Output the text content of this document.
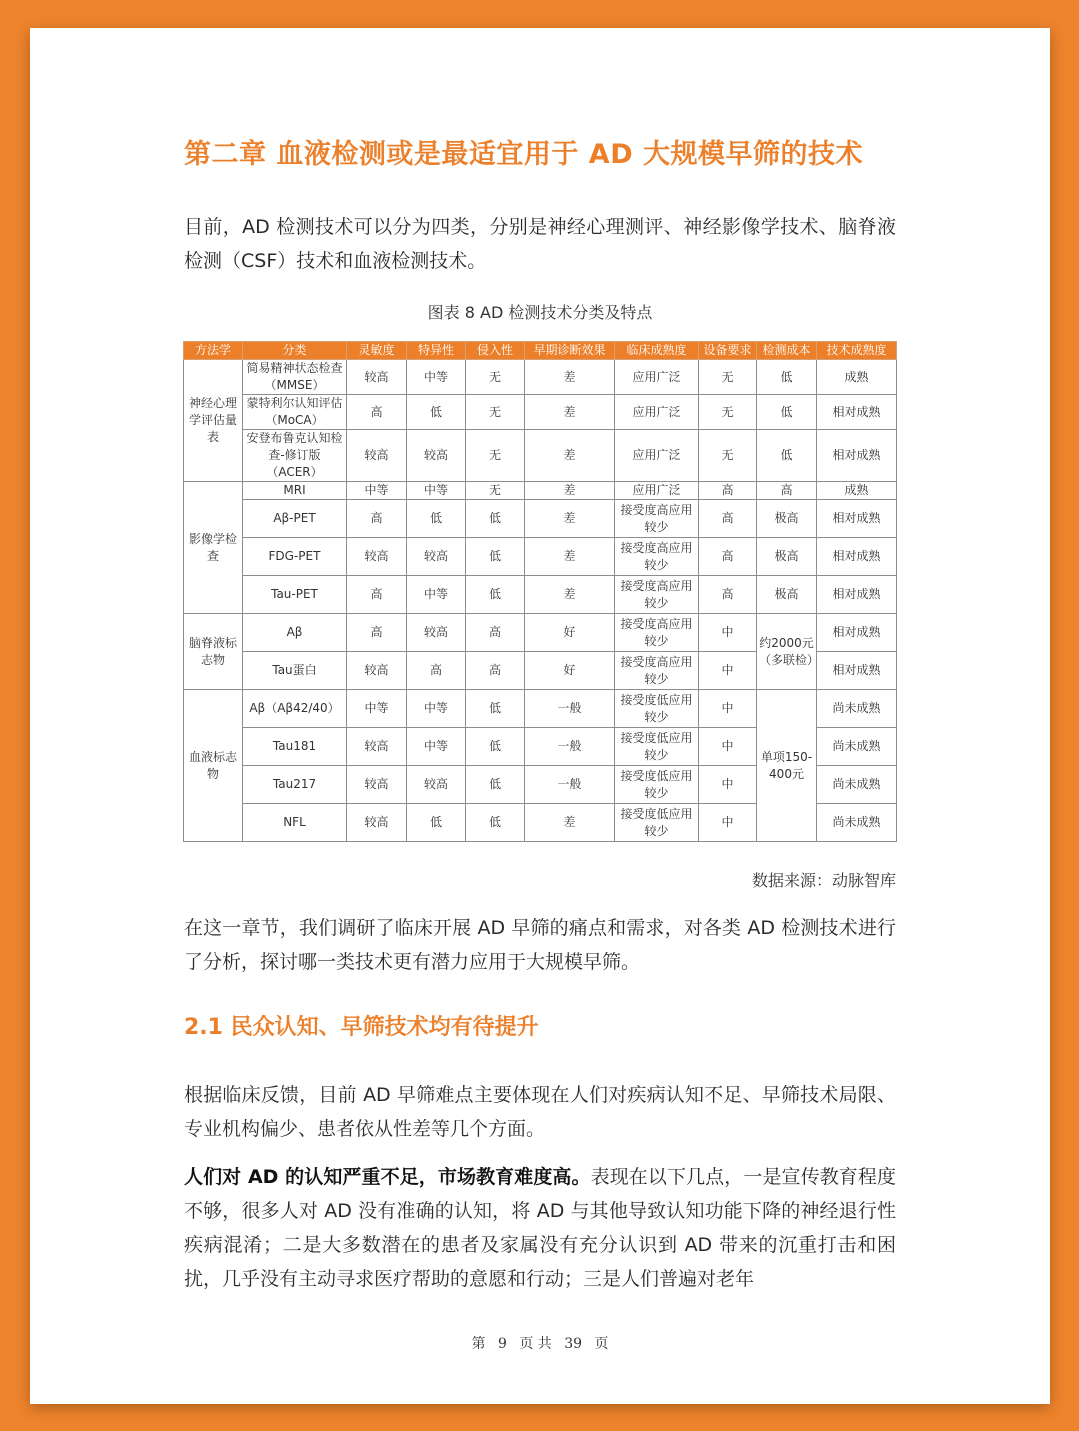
第二章 血液检测或是最适宜用于 AD 大规模早筛的技术
目前，AD 检测技术可以分为四类，分别是神经心理测评、神经影像学技术、脑脊液检测（CSF）技术和血液检测技术。
图表 8 AD 检测技术分类及特点
方法学	分类	灵敏度	特异性	侵入性	早期诊断效果	临床成熟度	设备要求	检测成本	技术成熟度
神经心理学评估量表	简易精神状态检查（MMSE）	较高	中等	无	差	应用广泛	无	低	成熟
	蒙特利尔认知评估（MoCA）	高	低	无	差	应用广泛	无	低	相对成熟
	安登布鲁克认知检查-修订版（ACER）	较高	较高	无	差	应用广泛	无	低	相对成熟
影像学检查	MRI	中等	中等	无	差	应用广泛	高	高	成熟
	Aβ-PET	高	低	低	差	接受度高应用较少	高	极高	相对成熟
	FDG-PET	较高	较高	低	差	接受度高应用较少	高	极高	相对成熟
	Tau-PET	高	中等	低	差	接受度高应用较少	高	极高	相对成熟
脑脊液标志物	Aβ	高	较高	高	好	接受度高应用较少	中	约2000元（多联检）	相对成熟
	Tau蛋白	较高	高	高	好	接受度高应用较少	中		相对成熟
血液标志物	Aβ（Aβ42/40）	中等	中等	低	一般	接受度低应用较少	中	单项150-400元	尚未成熟
	Tau181	较高	中等	低	一般	接受度低应用较少	中		尚未成熟
	Tau217	较高	较高	低	一般	接受度低应用较少	中		尚未成熟
	NFL	较高	低	低	差	接受度低应用较少	中		尚未成熟
数据来源：动脉智库
在这一章节，我们调研了临床开展 AD 早筛的痛点和需求，对各类 AD 检测技术进行了分析，探讨哪一类技术更有潜力应用于大规模早筛。
2.1 民众认知、早筛技术均有待提升
根据临床反馈，目前 AD 早筛难点主要体现在人们对疾病认知不足、早筛技术局限、专业机构偏少、患者依从性差等几个方面。
人们对 AD 的认知严重不足，市场教育难度高。表现在以下几点，一是宣传教育程度不够，很多人对 AD 没有准确的认知，将 AD 与其他导致认知功能下降的神经退行性疾病混淆；二是大多数潜在的患者及家属没有充分认识到 AD 带来的沉重打击和困扰，几乎没有主动寻求医疗帮助的意愿和行动；三是人们普遍对老年
第 9 页 共 39 页
